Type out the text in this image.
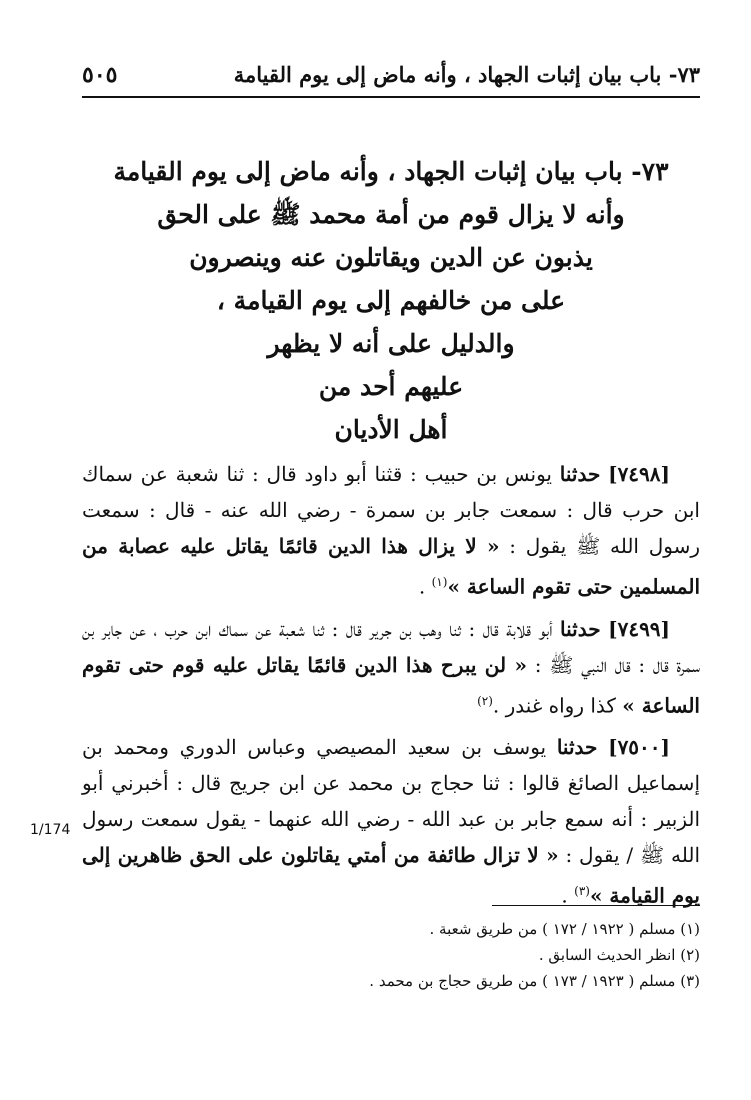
٧٣- باب بيان إثبات الجهاد ، وأنه ماض إلى يوم القيامة
٥٠٥
٧٣- باب بيان إثبات الجهاد ، وأنه ماض إلى يوم القيامة
وأنه لا يزال قوم من أمة محمد ﷺ على الحق
يذبون عن الدين ويقاتلون عنه وينصرون
على من خالفهم إلى يوم القيامة ،
والدليل على أنه لا يظهر
عليهم أحد من
أهل الأديان

[٧٤٩٨] حدثنا يونس بن حبيب : قثنا أبو داود قال : ثنا شعبة عن سماك ابن حرب قال : سمعت جابر بن سمرة - رضي الله عنه - قال : سمعت رسول الله ﷺ يقول : « لا يزال هذا الدين قائمًا يقاتل عليه عصابة من المسلمين حتى تقوم الساعة »$^{(١)}$ .

[٧٤٩٩] حدثنا أبو قلابة قال : ثنا وهب بن جرير قال : ثنا شعبة عن سماك ابن حرب ، عن جابر بن سمرة قال : قال النبي ﷺ : « لن يبرح هذا الدين قائمًا يقاتل عليه قوم حتى تقوم الساعة » كذا رواه غندر .$^{(٢)}$

[٧٥٠٠] حدثنا يوسف بن سعيد المصيصي وعباس الدوري ومحمد بن إسماعيل الصائغ قالوا : ثنا حجاج بن محمد عن ابن جريج قال : أخبرني أبو الزبير : أنه سمع جابر بن عبد الله - رضي الله عنهما - يقول سمعت رسول الله ﷺ / يقول : « لا تزال طائفة من أمتي يقاتلون على الحق ظاهرين إلى يوم القيامة »$^{(٣)}$ .

1/174
(١) مسلم ( ١٩٢٢ / ١٧٢ ) من طريق شعبة .
(٢) انظر الحديث السابق .
(٣) مسلم ( ١٩٢٣ / ١٧٣ ) من طريق حجاج بن محمد .
